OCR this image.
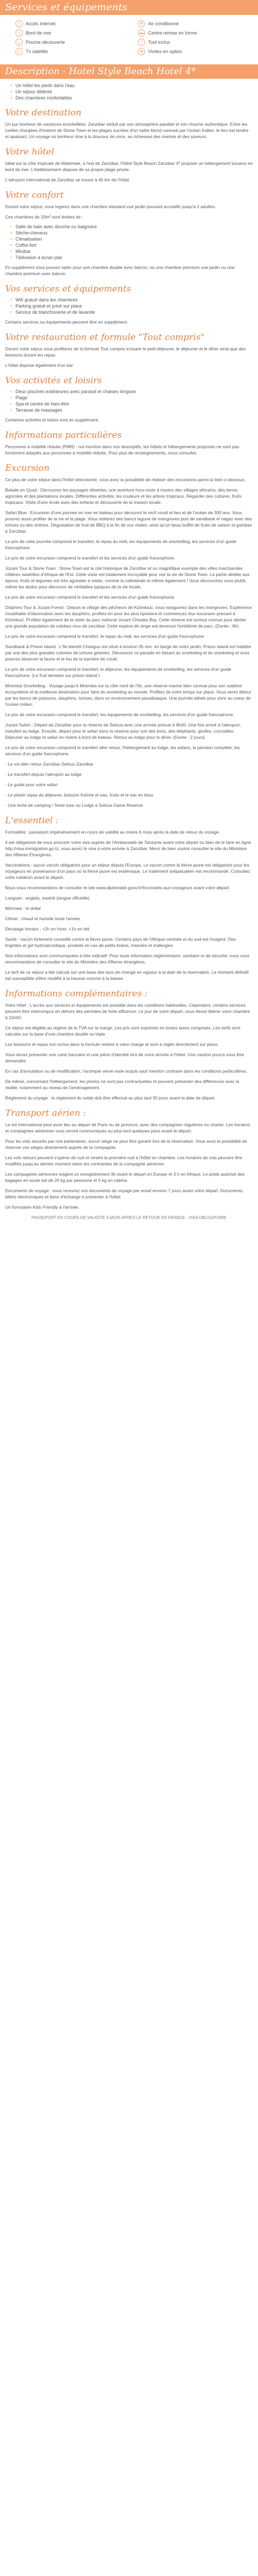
Services et équipements
≈	Accès Internet	✻	Air conditionné
∿	Bord de mer	▬	Centre remise en forme
◡	Piscine découverte	▽	Tout inclus
▭	Tv satellite	◈	Visites en option
Description - Hotel Style Beach Hotel 4*
• Un hôtel les pieds dans l'eau
• Un séjour détente
• Des chambres confortables
Votre destination

Un pur bonheur de vacances ensoleillées. Zanzibar séduit par son atmosphère paisible et son charme authentique. Entre les ruelles chargées d'histoire de Stone Town et les plages sucrées d'un sable blond caressé par l'océan Indien, le lieu est tendre et apaisant. Un voyage où bonheur rime à la douceur de vivre, au richesses des marées et des saveurs.

Votre hôtel

Idéal sur la côte tropicale de Matemwe, à l'est de Zanzibar, l'hôtel Style Beach Zanzibar 4* propose un hébergement luxueux en bord de mer. L'établissement dispose de sa propre plage privée.

L'aéroport international de Zanzibar se trouve à 45 km de l'hôtel.

Votre confort

Durant votre séjour, vous logerez dans une chambre standard vue jardin pouvant accueillir jusqu'à 2 adultes.

Ces chambres de 33m² sont dotées de :

• Salle de bain avec douche ou baignoire
• Sèche-cheveux
• Climatisation
• Coffre-fort
• Minibar
• Télévision à écran plat

En supplément vous pouvez opter pour une chambre double avec balcon, ou une chambre premium vue jardin ou une chambre premium avec balcon.

Vos services et équipements
• Wifi gratuit dans les chambres
• Parking gratuit et privé sur place
• Service de blanchisserie et de lavande

Certains services ou équipements peuvent être en supplément.

Votre restauration et formule "Tout compris"

Durant votre séjour vous profiterez de la formule Tout compris incluant le petit-déjeuner, le déjeuner et le dîner ainsi que des boissons durant les repas.

L'hôtel dispose également d'un bar.

Vos activités et loisirs
• Deux piscines extérieures avec parasol et chaises longues
• Plage
• Spa et centre de bien-être
• Terrasse de massages

Certaines activités et loisirs sont en supplément.

Informations particulières

Personnes à mobilité réduite (PMR) : nul mention dans nos descriptifs, les hôtels et hébergements proposés ne sont pas forcément adaptés aux personnes à mobilité réduite. Pour plus de renseignements, nous consulter.

Excursion

Ce plus de votre séjour dans l'hôtel sélectionné, vous avez la possibilité de réaliser des excursions parmi la liste ci-dessous :

Balade en Quad : Découvrez les paysages désertes, une aventure hors-route à travers des villages africains, des terres agricoles et des plantations locales. Différentes activités, les couleurs et les arbres tropicaux. Regarder des cultures, fruits tropicaux. Visite d'une école avec des enfants et découverte de la maison locale.

Safari Blue : Excursion d'une journée en mer en bateau pour découvrir le récif corail et lieu et de l'océan de 300 ans. Vous pourrez aussi profiter de la vie et la plage. Vous visiterez des bancs lagune de mangroves puis de sandbank et nagez avec des tortues ou des sirènes. Dégustation de fruit de BBQ à la fin de vos visites, ainsi qu'un beau buffet de fruits de saison et gambas à Zanzibar.

Le prix de cette journée comprend le transfert, le repas du midi, les équipements de snorkelling, les services d'un guide francophone.

Le prix de votre excursion comprend le transfert et les services d'un guide francophone.

Jozani Tour & Stone Town : Stone Town est la cité historique de Zanzibar et un magnifique exemple des villes marchandes côtières swahilies d'Afrique de l'Est. Cette visite est totalement incroyable pour voir la vie de Stone Town. La partie dédiée aux épices, fruits et légumes est très agréable à visiter, comme la cathédrale et même également ! Vous découvrirez vous plutôt, même les dodos pour découvrir de véritables typiques de la vie locale.

Le prix de votre excursion comprend le transfert et les services d'un guide francophone.

Dolphins Tour & Jozani Forest : Depuis le village des pêcheurs de Kizimkazi, vous naviguerez dans les mangroves. Expérience inoubliable d'observation avec les dauphins, profitez-en pour les plus ripostera et commencez leur excursion prenant à Kizimkazi. Profitez également de la visite du parc national Jozani Chwaka Bay. Cette réserve est surtout connue pour abriter une grande population de colobes roux de zanzibar. Cette espèce de singe est devenue l'emblème de parc. (Durée : 6h)

Le prix de votre excursion comprend le transfert, le repas du midi, les services d'un guide francophone.

Sandbank & Prison Island : L'île bientôt Changuu est situé à environ 35 min. en barge de notre jardin. Prison island est habitée par une des plus grandes colonies de tortues géantes. Découvrez ce paradis en faisant du snorkeling et du snorkeling et vous pourrez observer la faune et le feu de la barrière de corail.

Le prix de votre excursion comprend le transfert, le déjeuner, les équipements de snorkelling, les services d'un guide francophone. (Le fruit dentaire sur prison island.)

Mnemba Snorkelling : Voyage jusqu'à Mnemba sur la côte nord de l'île, une réserve marine bien connue pour son sublime écosystème et la meilleure destination pour faire du snorkeling au monde. Profitez de votre temps sur place. Vous serez ébloui par les bancs de poissons, dauphins, tortues, dans un environnement paradisiaque. Une journée idéale pour vivre au coeur de l'océan Indien.

Le prix de votre excursion comprend le transfert, les équipements de snorkelling, les services d'un guide francophone.

Jozani Safari : Départ de Zanzibar pour la réserve de Selous avec une arrivée prévue à 8h00. Une fois arrivé à l'aéroport, transfert au lodge. Ensuite, départ pour le safari dans la réserve pour voir des lions, des éléphants, girafes, crocodiles. Déjeuner au lodge et safari en rivière à bord de bateau. Retour au lodge pour le dîner. (Durée : 2 jours)

Le prix de votre excursion comprend le transfert aller retour, l'hébergement au lodge, les safaris, la pension complète, les services d'un guide francophone.

- Le vol aller retour Zanzibar-Selous-Zanzibar

- Le transfert depuis l'aéroport au lodge

- Le guide pour votre safari

- Le plaisir repas du déjeuner, boisson fraîche et eau, fruits et le sac en tissu

- Une tente de camping / Tente luxe ou Lodge à Selous Game Reserve

L'essentiel :

Formalités : passeport impérativement en cours de validité au moins 6 mois après la date de retour du voyage.

Il est obligatoire de vous procurer votre visa auprès de l'Ambassade de Tanzanie avant votre départ ou bien de le faire en ligne http://visa.immigration.go.tz, vous aurez le visa à votre arrivée à Zanzibar. Merci de bien vouloir consulter le site du Ministère des Affaires Étrangères.

Vaccinations : aucun vaccin obligatoire pour un séjour depuis l'Europe, Le vaccin contre la fièvre jaune est obligatoire pour les voyageurs en provenance d'un pays où la fièvre jaune est endémique. Le traitement antipaludéen est recommandé. Consultez votre médecin avant le départ.

Nous vous recommandons de consulter le site www.diplomatie.gouv.fr/fr/conseils-aux-voyageurs avant votre départ.

Langues : anglais, swahili (langue officielle)

Monnaie : le dollar

Climat : chaud et humide toute l'année

Décalage horaire : +2h en hiver, +1h en été

Santé : vaccin fortement conseillé contre la fièvre jaune. Certains pays de l'Afrique centrale et du sud-est l'exigent. Des lingettes et gel hydroalcoolique, produits en cas de petits bobos, insectes et d'allergies.

Nos informations sont communiquées à titre indicatif. Pour toute information réglementaire, sanitaire et de sécurité, nous vous recommandons de consulter le site du Ministère des Affaires étrangères.

Le tarif de ce séjour a été calculé sur une base des taux de change en vigueur à la date de la réservation. Le montant définitif est susceptible d'être modifié à la hausse comme à la baisse.

Informations complémentaires :

Votre hôtel : L'accès aux services et équipements est possible dans les conditions habituelles. Cependant, certains services peuvent être interrompus en dehors des périodes de forte affluence. Le jour de votre départ, vous devez libérer votre chambre à 11h00.

Ce séjour est éligible au régime de la TVA sur la marge. Les prix sont exprimés en toutes taxes comprises. Les tarifs sont calculés sur la base d'une chambre double ou triple.

Les boissons et repas non inclus dans la formule restent à votre charge et sont à régler directement sur place.

Vous devez présenter une carte bancaire et une pièce d'identité lors de votre arrivée à l'hôtel. Une caution pourra vous être demandée.

En cas d'annulation ou de modification, l'acompte versé reste acquis sauf mention contraire dans les conditions particulières.

De même, concernant l'hébergement, les photos ne sont pas contractuelles et peuvent présenter des différences avec la réalité, notamment au niveau de l'aménagement.

Règlement du voyage : le règlement du solde doit être effectué au plus tard 30 jours avant la date de départ.

Transport aérien :

Le vol international peut avoir lieu au départ de Paris ou de province, avec des compagnies régulières ou charter. Les horaires et compagnies aériennes vous seront communiqués au plus tard quelques jours avant le départ.

Pour les vols assurés par nos partenaires, aucun siège ne peut être garanti lors de la réservation. Vous avez la possibilité de réserver vos sièges directement auprès de la compagnie.

Les vols retours peuvent s'opérer de nuit et rendre la première nuit à l'hôtel en chambre. Les horaires de vols peuvent être modifiés jusqu'au dernier moment selon les contraintes de la compagnie aérienne.

Les compagnies aériennes exigent un enregistrement 3h avant le départ en Europe et 3 h en Afrique. Le poids autorisé des bagages en soute est de 20 kg par personne et 5 kg en cabine.

Documents de voyage : vous recevrez vos documents de voyage par email environ 7 jours avant votre départ. Documents, billets électroniques et bons d'échange à présenter à l'hôtel.

Un formulaire Kids Friendly à l'arrivée.

PASSEPORT EN COURS DE VALIDITE 6 MOIS APRES LE RETOUR EN FRANCE - VISA OBLIGATOIRE
